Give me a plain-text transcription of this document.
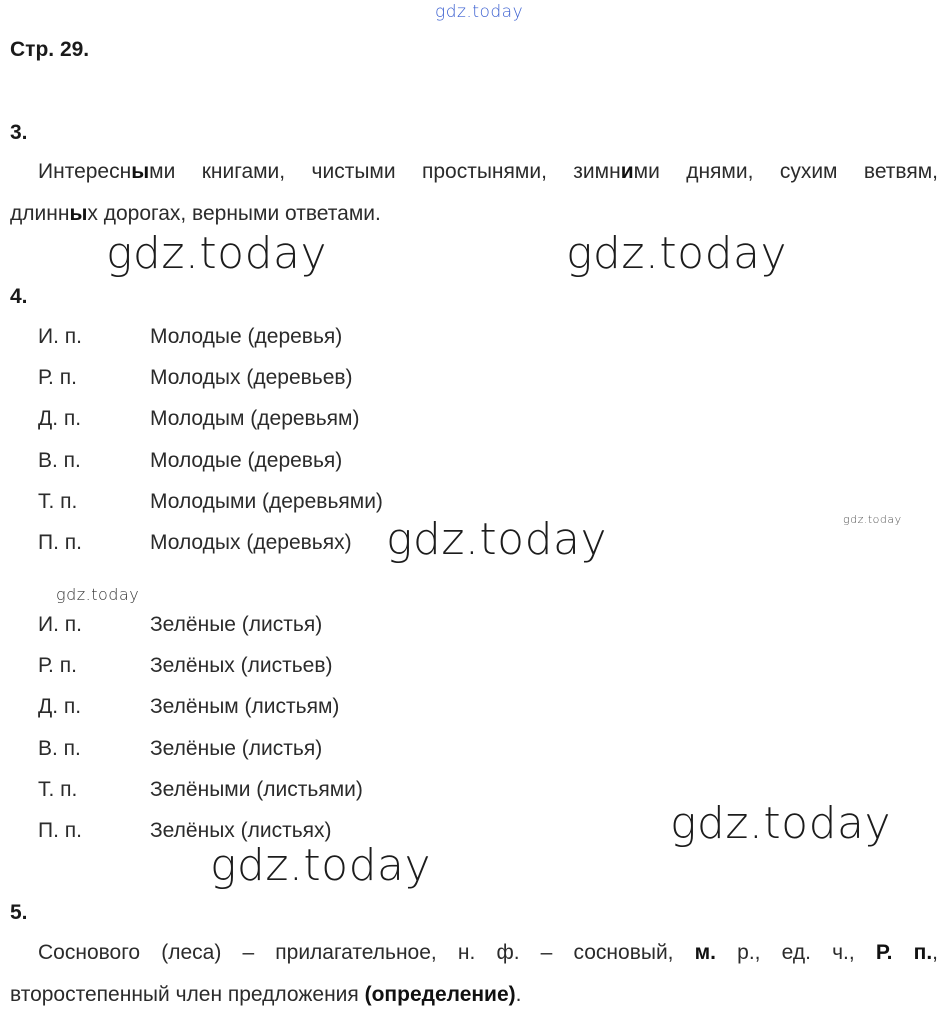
gdz.today
gdz.today	gdz.today
gdz.today
gdz.today
gdz.today
gdz.today
gdz.today
Стр. 29.
3.
Интересными книгами, чистыми простынями, зимними днями, сухим ветвям,
длинных дорогах, верными ответами.
4.
И. п.	Молодые (деревья)
Р. п.	Молодых (деревьев)
Д. п.	Молодым (деревьям)
В. п.	Молодые (деревья)
Т. п.	Молодыми (деревьями)
П. п.	Молодых (деревьях)
И. п.	Зелёные (листья)
Р. п.	Зелёных (листьев)
Д. п.	Зелёным (листьям)
В. п.	Зелёные (листья)
Т. п.	Зелёными (листьями)
П. п.	Зелёных (листьях)
5.
Соснового (леса) – прилагательное, н. ф. – сосновый, м. р., ед. ч., Р. п.,
второстепенный член предложения (определение).
